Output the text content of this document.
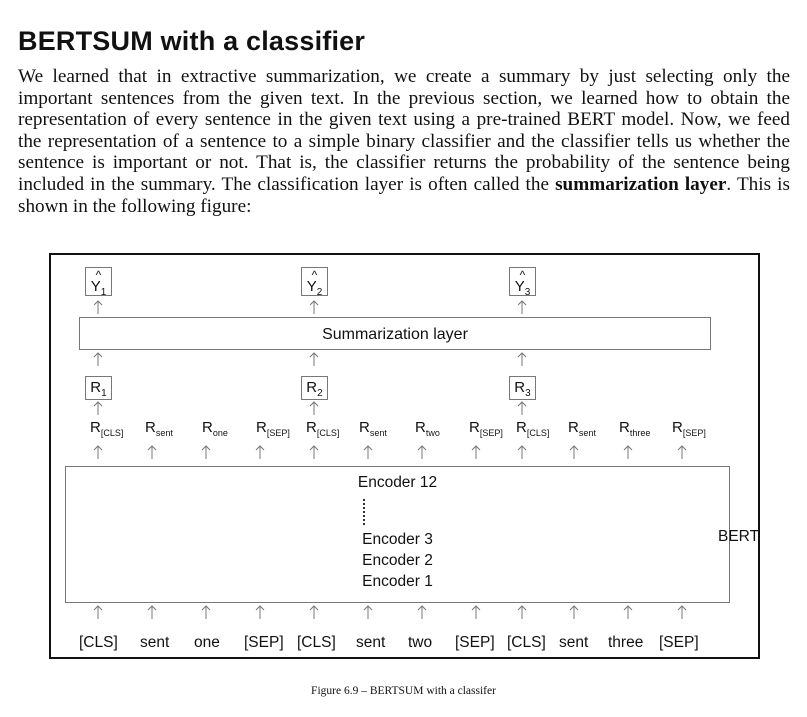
BERTSUM with a classifier

We learned that in extractive summarization, we create a summary by just selecting only the important sentences from the given text. In the previous section, we learned how to obtain the representation of every sentence in the given text using a pre-trained BERT model. Now, we feed the representation of a sentence to a simple binary classifier and the classifier tells us whether the sentence is important or not. That is, the classifier returns the probability of the sentence being included in the summary. The classification layer is often called the summarization layer. This is shown in the following figure:

^
$Y_1$
^
$Y_2$
^
$Y_3$
Summarization layer
$R_1$	$R_2$	$R_3$
$R_{[CLS]}$ $R_{sent}$ $R_{one}$ $R_{[SEP]}$ $R_{[CLS]}$ $R_{sent}$ $R_{two}$ $R_{[SEP]}$ $R_{[CLS]}$ $R_{sent}$ $R_{three}$ $R_{[SEP]}$
Encoder 12
Encoder 3
Encoder 2
Encoder 1
[CLS] sent one [SEP] [CLS] sent two [SEP] [CLS] sent three [SEP]
BERT
Figure 6.9 – BERTSUM with a classifer
